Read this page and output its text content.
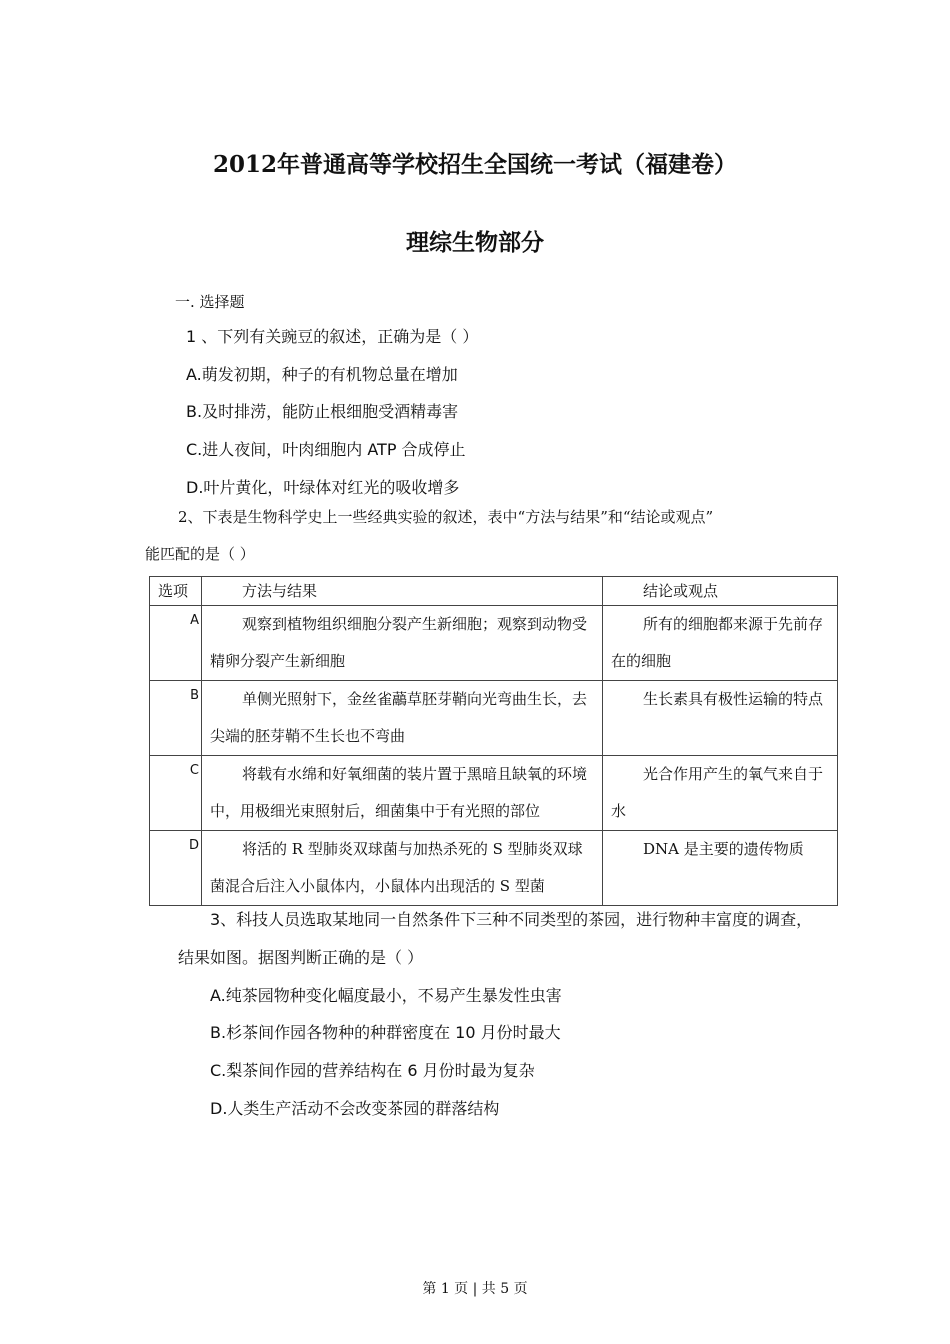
2012年普通高等学校招生全国统一考试（福建卷）
理综生物部分
一. 选择题
1 、下列有关豌豆的叙述，正确为是（ ）
A.萌发初期，种子的有机物总量在增加
B.及时排涝，能防止根细胞受酒精毒害
C.进人夜间，叶肉细胞内 ATP 合成停止
D.叶片黄化，叶绿体对红光的吸收增多
2、下表是生物科学史上一些经典实验的叙述，表中“方法与结果”和“结论或观点”
能匹配的是（ ）
选项	方法与结果	结论或观点
A	观察到植物组织细胞分裂产生新细胞；观察到动物受精卵分裂产生新细胞	所有的细胞都来源于先前存在的细胞
B	单侧光照射下，金丝雀虉草胚芽鞘向光弯曲生长，去尖端的胚芽鞘不生长也不弯曲	生长素具有极性运输的特点
C	将载有水绵和好氧细菌的装片置于黑暗且缺氧的环境中，用极细光束照射后，细菌集中于有光照的部位	光合作用产生的氧气来自于水
D	将活的 R 型肺炎双球菌与加热杀死的 S 型肺炎双球菌混合后注入小鼠体内，小鼠体内出现活的 S 型菌	DNA 是主要的遗传物质
3、科技人员选取某地同一自然条件下三种不同类型的茶园，进行物种丰富度的调查，
结果如图。据图判断正确的是（ ）
A.纯茶园物种变化幅度最小，不易产生暴发性虫害
B.杉茶间作园各物种的种群密度在 10 月份时最大
C.梨茶间作园的营养结构在 6 月份时最为复杂
D.人类生产活动不会改变茶园的群落结构
第 1 页 | 共 5 页
